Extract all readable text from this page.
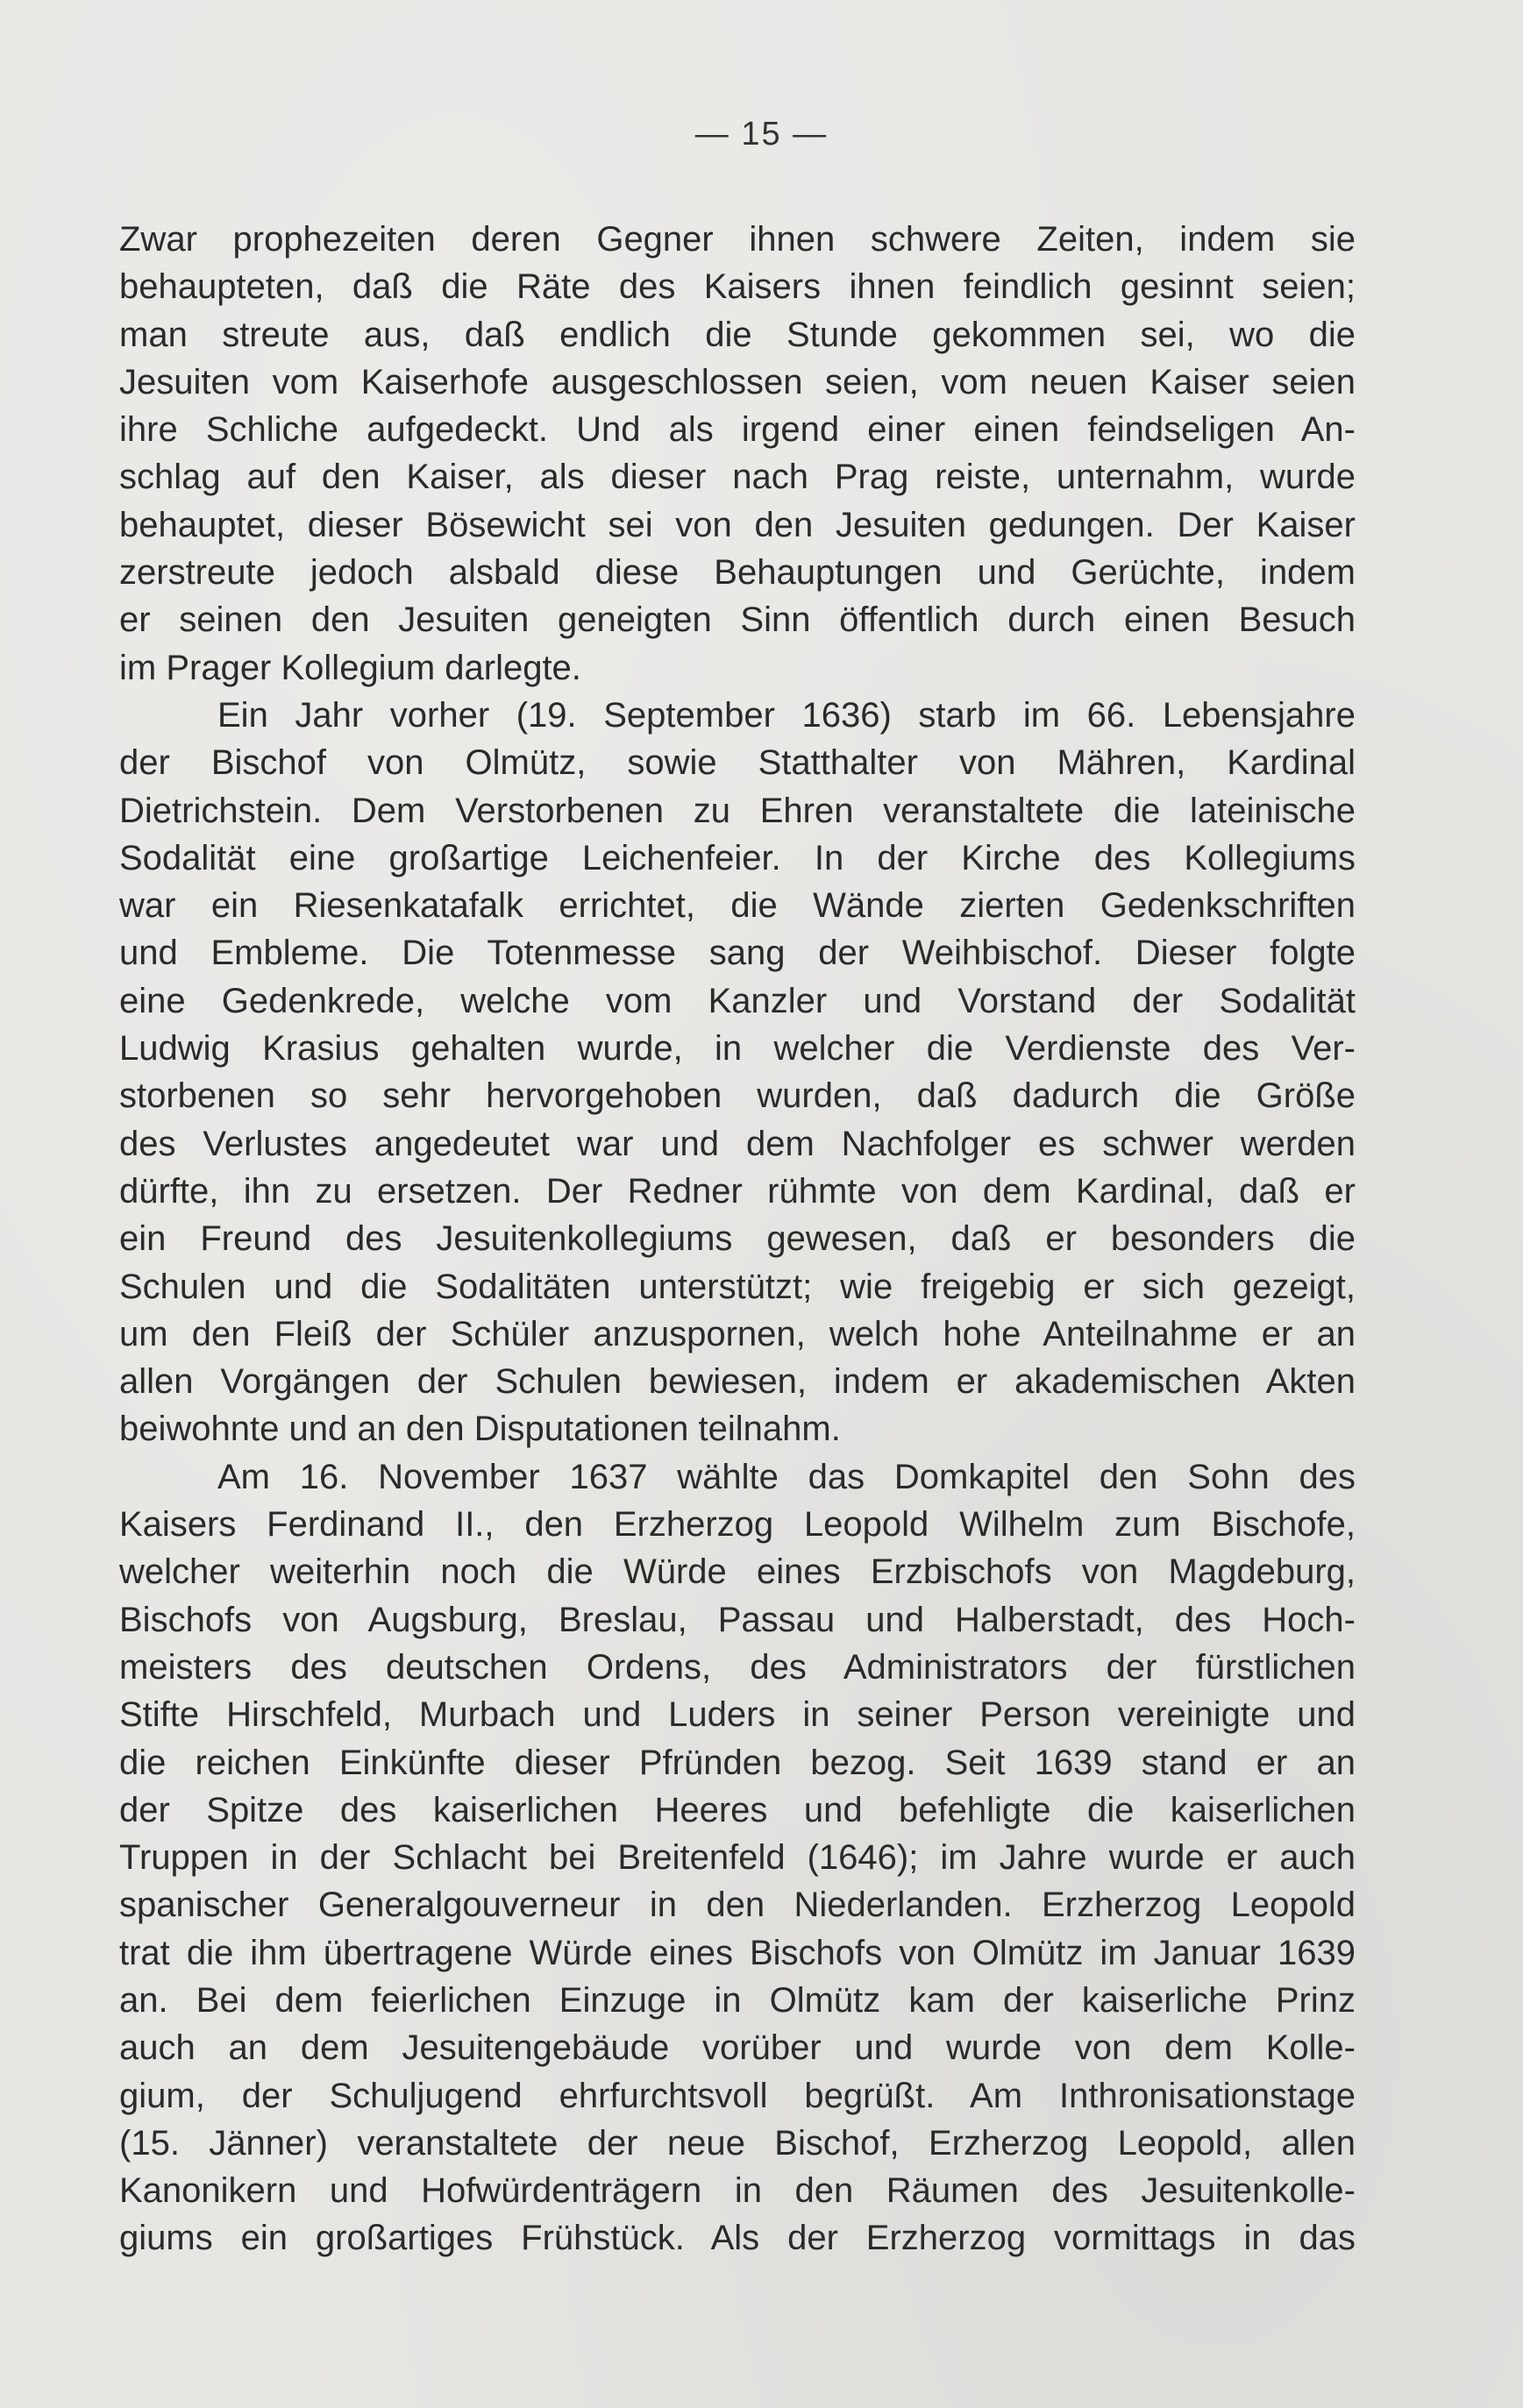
— 15 —
Zwar prophezeiten deren Gegner ihnen schwere Zeiten, indem sie
behaupteten, daß die Räte des Kaisers ihnen feindlich gesinnt seien;
man streute aus, daß endlich die Stunde gekommen sei, wo die
Jesuiten vom Kaiserhofe ausgeschlossen seien, vom neuen Kaiser seien
ihre Schliche aufgedeckt. Und als irgend einer einen feindseligen An-
schlag auf den Kaiser, als dieser nach Prag reiste, unternahm, wurde
behauptet, dieser Bösewicht sei von den Jesuiten gedungen. Der Kaiser
zerstreute jedoch alsbald diese Behauptungen und Gerüchte, indem
er seinen den Jesuiten geneigten Sinn öffentlich durch einen Besuch
im Prager Kollegium darlegte.
Ein Jahr vorher (19. September 1636) starb im 66. Lebensjahre
der Bischof von Olmütz, sowie Statthalter von Mähren, Kardinal
Dietrichstein. Dem Verstorbenen zu Ehren veranstaltete die lateinische
Sodalität eine großartige Leichenfeier. In der Kirche des Kollegiums
war ein Riesenkatafalk errichtet, die Wände zierten Gedenkschriften
und Embleme. Die Totenmesse sang der Weihbischof. Dieser folgte
eine Gedenkrede, welche vom Kanzler und Vorstand der Sodalität
Ludwig Krasius gehalten wurde, in welcher die Verdienste des Ver-
storbenen so sehr hervorgehoben wurden, daß dadurch die Größe
des Verlustes angedeutet war und dem Nachfolger es schwer werden
dürfte, ihn zu ersetzen. Der Redner rühmte von dem Kardinal, daß er
ein Freund des Jesuitenkollegiums gewesen, daß er besonders die
Schulen und die Sodalitäten unterstützt; wie freigebig er sich gezeigt,
um den Fleiß der Schüler anzuspornen, welch hohe Anteilnahme er an
allen Vorgängen der Schulen bewiesen, indem er akademischen Akten
beiwohnte und an den Disputationen teilnahm.
Am 16. November 1637 wählte das Domkapitel den Sohn des
Kaisers Ferdinand II., den Erzherzog Leopold Wilhelm zum Bischofe,
welcher weiterhin noch die Würde eines Erzbischofs von Magdeburg,
Bischofs von Augsburg, Breslau, Passau und Halberstadt, des Hoch-
meisters des deutschen Ordens, des Administrators der fürstlichen
Stifte Hirschfeld, Murbach und Luders in seiner Person vereinigte und
die reichen Einkünfte dieser Pfründen bezog. Seit 1639 stand er an
der Spitze des kaiserlichen Heeres und befehligte die kaiserlichen
Truppen in der Schlacht bei Breitenfeld (1646); im Jahre wurde er auch
spanischer Generalgouverneur in den Niederlanden. Erzherzog Leopold
trat die ihm übertragene Würde eines Bischofs von Olmütz im Januar 1639
an. Bei dem feierlichen Einzuge in Olmütz kam der kaiserliche Prinz
auch an dem Jesuitengebäude vorüber und wurde von dem Kolle-
gium, der Schuljugend ehrfurchtsvoll begrüßt. Am Inthronisationstage
(15. Jänner) veranstaltete der neue Bischof, Erzherzog Leopold, allen
Kanonikern und Hofwürdenträgern in den Räumen des Jesuitenkolle-
giums ein großartiges Frühstück. Als der Erzherzog vormittags in das
